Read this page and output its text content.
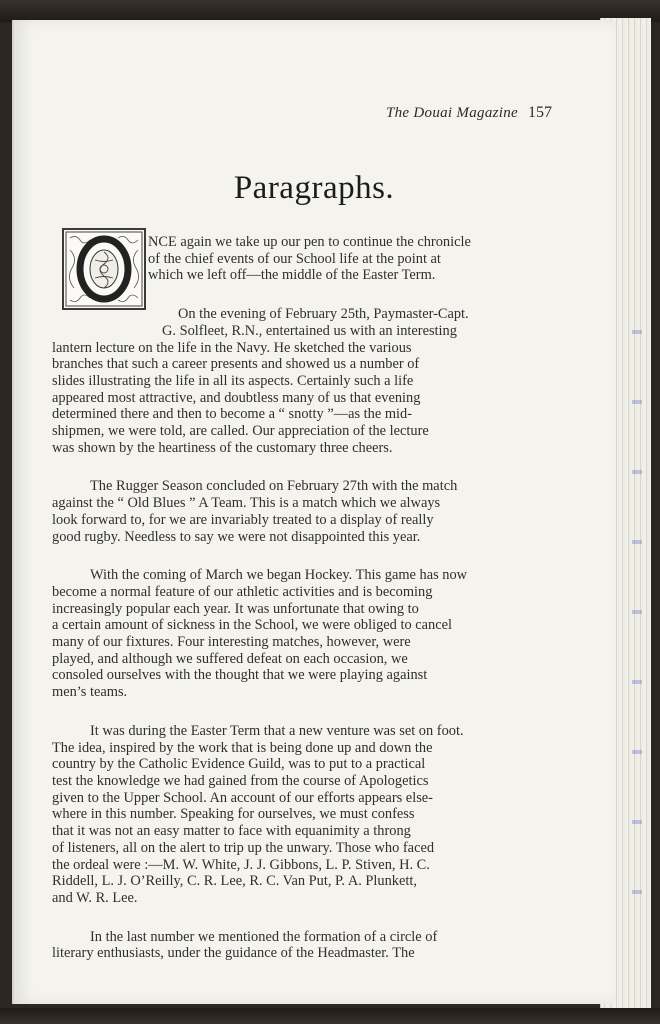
The Douai Magazine 157
Paragraphs.
NCE again we take up our pen to continue the chronicle
of the chief events of our School life at the point at
which we left off—the middle of the Easter Term.
On the evening of February 25th, Paymaster-Capt.
G. Solfleet, R.N., entertained us with an interesting
lantern lecture on the life in the Navy. He sketched the various
branches that such a career presents and showed us a number of
slides illustrating the life in all its aspects. Certainly such a life
appeared most attractive, and doubtless many of us that evening
determined there and then to become a “ snotty ”—as the mid-
shipmen, we were told, are called. Our appreciation of the lecture
was shown by the heartiness of the customary three cheers.
The Rugger Season concluded on February 27th with the match
against the “ Old Blues ” A Team. This is a match which we always
look forward to, for we are invariably treated to a display of really
good rugby. Needless to say we were not disappointed this year.
With the coming of March we began Hockey. This game has now
become a normal feature of our athletic activities and is becoming
increasingly popular each year. It was unfortunate that owing to
a certain amount of sickness in the School, we were obliged to cancel
many of our fixtures. Four interesting matches, however, were
played, and although we suffered defeat on each occasion, we
consoled ourselves with the thought that we were playing against
men’s teams.
It was during the Easter Term that a new venture was set on foot.
The idea, inspired by the work that is being done up and down the
country by the Catholic Evidence Guild, was to put to a practical
test the knowledge we had gained from the course of Apologetics
given to the Upper School. An account of our efforts appears else-
where in this number. Speaking for ourselves, we must confess
that it was not an easy matter to face with equanimity a throng
of listeners, all on the alert to trip up the unwary. Those who faced
the ordeal were :—M. W. White, J. J. Gibbons, L. P. Stiven, H. C.
Riddell, L. J. O’Reilly, C. R. Lee, R. C. Van Put, P. A. Plunkett,
and W. R. Lee.
In the last number we mentioned the formation of a circle of
literary enthusiasts, under the guidance of the Headmaster. The
